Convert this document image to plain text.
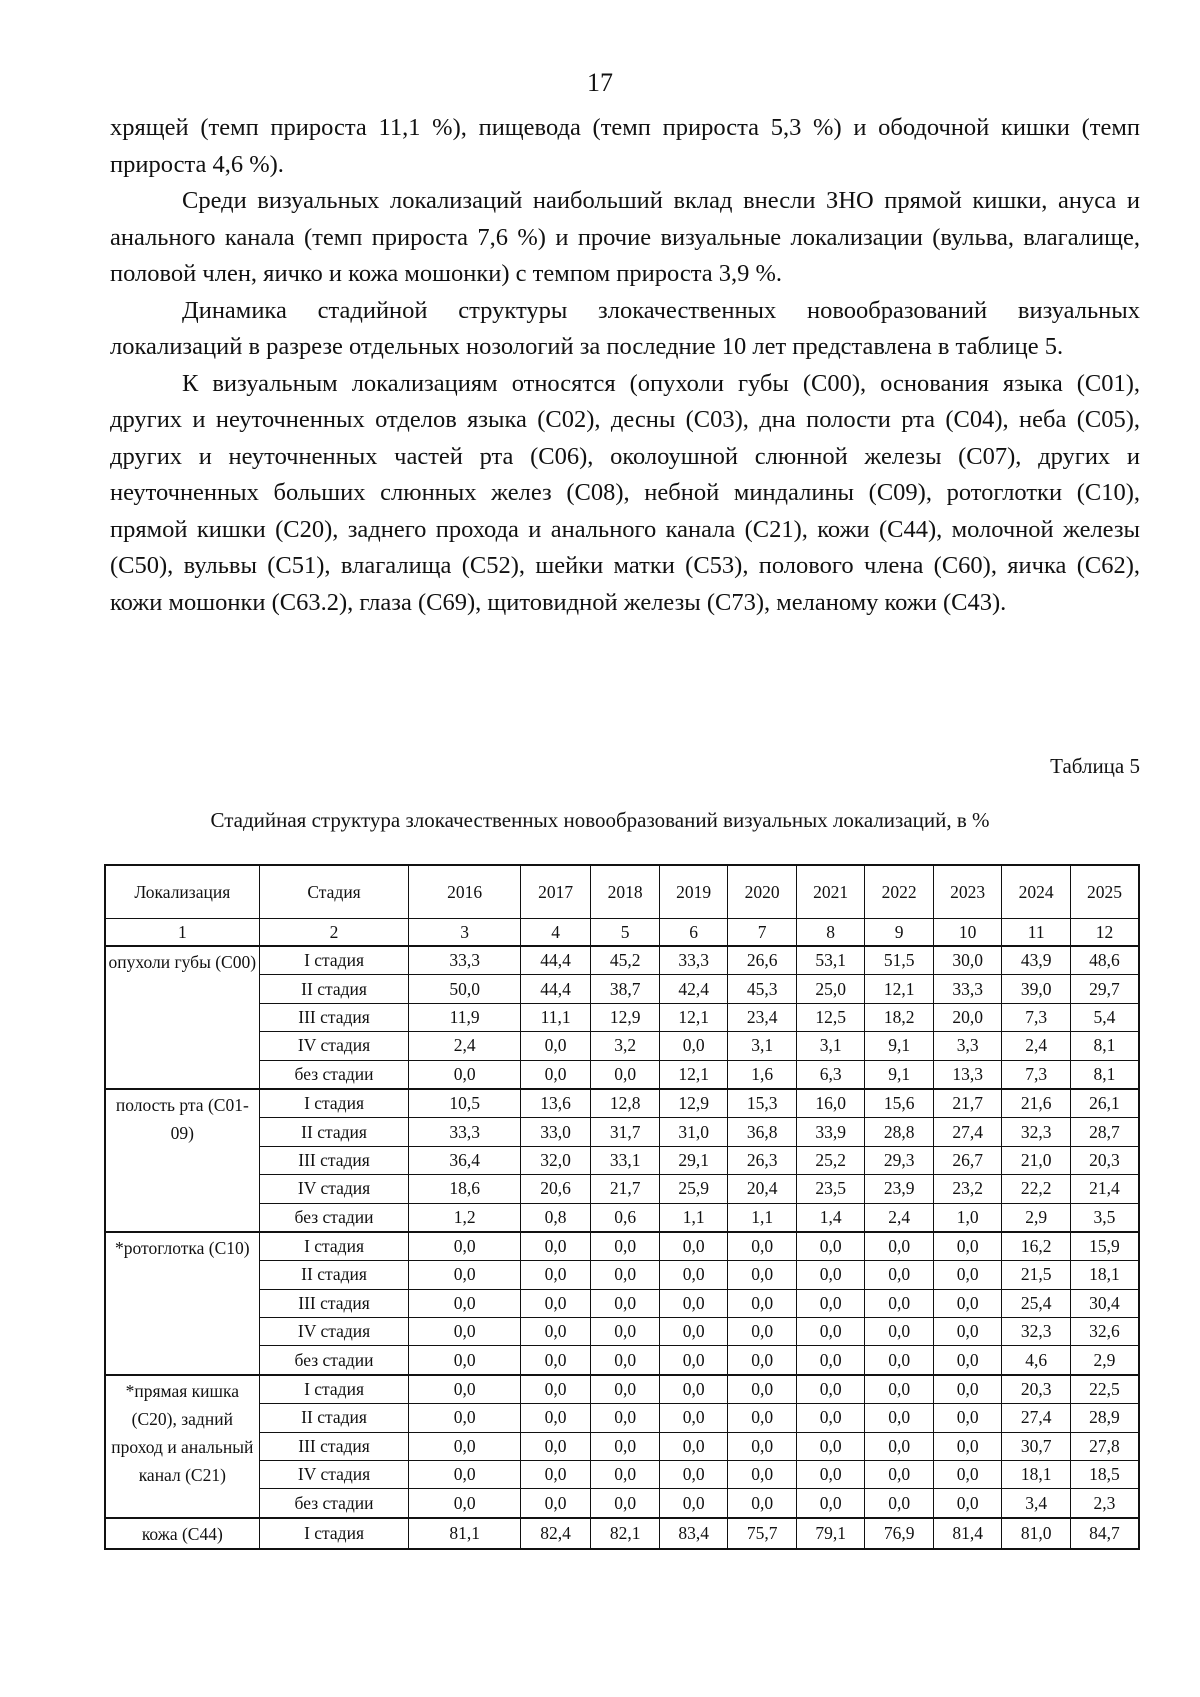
17

хрящей (темп прироста 11,1 %), пищевода (темп прироста 5,3 %) и ободочной кишки (темп прироста 4,6 %).

Среди визуальных локализаций наибольший вклад внесли ЗНО прямой кишки, ануса и анального канала (темп прироста 7,6 %) и прочие визуальные локализации (вульва, влагалище, половой член, яичко и кожа мошонки) с темпом прироста 3,9 %.

Динамика стадийной структуры злокачественных новообразований визуальных локализаций в разрезе отдельных нозологий за последние 10 лет представлена в таблице 5.

К визуальным локализациям относятся (опухоли губы (С00), основания языка (С01), других и неуточненных отделов языка (С02), десны (С03), дна полости рта (С04), неба (С05), других и неуточненных частей рта (С06), околоушной слюнной железы (С07), других и неуточненных больших слюнных желез (С08), небной миндалины (С09), ротоглотки (С10), прямой кишки (С20), заднего прохода и анального канала (С21), кожи (С44), молочной железы (С50), вульвы (С51), влагалища (С52), шейки матки (С53), полового члена (С60), яичка (С62), кожи мошонки (С63.2), глаза (С69), щитовидной железы (С73), меланому кожи (С43).

Таблица 5
Стадийная структура злокачественных новообразований визуальных локализаций, в %
Локализация	Стадия	2016	2017	2018	2019	2020	2021	2022	2023	2024	2025
1	2	3	4	5	6	7	8	9	10	11	12
опухоли губы (С00)	I стадия	33,3	44,4	45,2	33,3	26,6	53,1	51,5	30,0	43,9	48,6
	II стадия	50,0	44,4	38,7	42,4	45,3	25,0	12,1	33,3	39,0	29,7
	III стадия	11,9	11,1	12,9	12,1	23,4	12,5	18,2	20,0	7,3	5,4
	IV стадия	2,4	0,0	3,2	0,0	3,1	3,1	9,1	3,3	2,4	8,1
	без стадии	0,0	0,0	0,0	12,1	1,6	6,3	9,1	13,3	7,3	8,1
полость рта (С01-09)	I стадия	10,5	13,6	12,8	12,9	15,3	16,0	15,6	21,7	21,6	26,1
	II стадия	33,3	33,0	31,7	31,0	36,8	33,9	28,8	27,4	32,3	28,7
	III стадия	36,4	32,0	33,1	29,1	26,3	25,2	29,3	26,7	21,0	20,3
	IV стадия	18,6	20,6	21,7	25,9	20,4	23,5	23,9	23,2	22,2	21,4
	без стадии	1,2	0,8	0,6	1,1	1,1	1,4	2,4	1,0	2,9	3,5
*ротоглотка (С10)	I стадия	0,0	0,0	0,0	0,0	0,0	0,0	0,0	0,0	16,2	15,9
	II стадия	0,0	0,0	0,0	0,0	0,0	0,0	0,0	0,0	21,5	18,1
	III стадия	0,0	0,0	0,0	0,0	0,0	0,0	0,0	0,0	25,4	30,4
	IV стадия	0,0	0,0	0,0	0,0	0,0	0,0	0,0	0,0	32,3	32,6
	без стадии	0,0	0,0	0,0	0,0	0,0	0,0	0,0	0,0	4,6	2,9
*прямая кишка (С20), задний проход и анальный канал (С21)	I стадия	0,0	0,0	0,0	0,0	0,0	0,0	0,0	0,0	20,3	22,5
	II стадия	0,0	0,0	0,0	0,0	0,0	0,0	0,0	0,0	27,4	28,9
	III стадия	0,0	0,0	0,0	0,0	0,0	0,0	0,0	0,0	30,7	27,8
	IV стадия	0,0	0,0	0,0	0,0	0,0	0,0	0,0	0,0	18,1	18,5
	без стадии	0,0	0,0	0,0	0,0	0,0	0,0	0,0	0,0	3,4	2,3
кожа (С44)	I стадия	81,1	82,4	82,1	83,4	75,7	79,1	76,9	81,4	81,0	84,7
